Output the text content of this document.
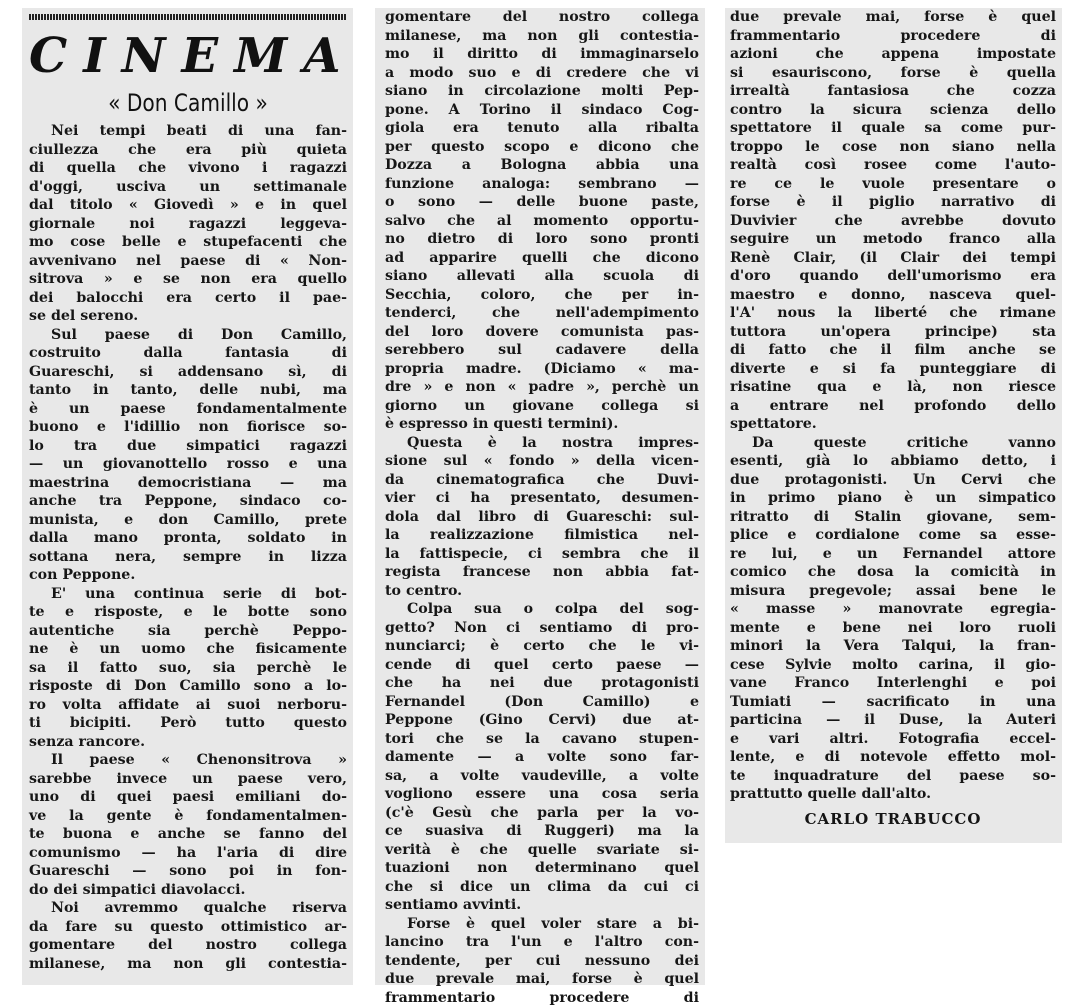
CINEMA
« Don Camillo »
Nei tempi beati di una fan-
ciullezza che era più quieta
di quella che vivono i ragazzi
d'oggi, usciva un settimanale
dal titolo « Giovedì » e in quel
giornale noi ragazzi leggeva-
mo cose belle e stupefacenti che
avvenivano nel paese di « Non-
sitrova » e se non era quello
dei balocchi era certo il pae-
se del sereno.
Sul paese di Don Camillo,
costruito dalla fantasia di
Guareschi, si addensano sì, di
tanto in tanto, delle nubi, ma
è un paese fondamentalmente
buono e l'idillio non fiorisce so-
lo tra due simpatici ragazzi
— un giovanottello rosso e una
maestrina democristiana — ma
anche tra Peppone, sindaco co-
munista, e don Camillo, prete
dalla mano pronta, soldato in
sottana nera, sempre in lizza
con Peppone.
E' una continua serie di bot-
te e risposte, e le botte sono
autentiche sia perchè Peppo-
ne è un uomo che fisicamente
sa il fatto suo, sia perchè le
risposte di Don Camillo sono a lo-
ro volta affidate ai suoi nerboru-
ti bicipiti. Però tutto questo
senza rancore.
Il paese « Chenonsitrova »
sarebbe invece un paese vero,
uno di quei paesi emiliani do-
ve la gente è fondamentalmen-
te buona e anche se fanno del
comunismo — ha l'aria di dire
Guareschi — sono poi in fon-
do dei simpatici diavolacci.
Noi avremmo qualche riserva
da fare su questo ottimistico ar-
gomentare del nostro collega
milanese, ma non gli contestia-
gomentare del nostro collega
milanese, ma non gli contestia-
mo il diritto di immaginarselo
a modo suo e di credere che vi
siano in circolazione molti Pep-
pone. A Torino il sindaco Cog-
giola era tenuto alla ribalta
per questo scopo e dicono che
Dozza a Bologna abbia una
funzione analoga: sembrano —
o sono — delle buone paste,
salvo che al momento opportu-
no dietro di loro sono pronti
ad apparire quelli che dicono
siano allevati alla scuola di
Secchia, coloro, che per in-
tenderci, che nell'adempimento
del loro dovere comunista pas-
serebbero sul cadavere della
propria madre. (Diciamo « ma-
dre » e non « padre », perchè un
giorno un giovane collega si
è espresso in questi termini).
Questa è la nostra impres-
sione sul « fondo » della vicen-
da cinematografica che Duvi-
vier ci ha presentato, desumen-
dola dal libro di Guareschi: sul-
la realizzazione filmistica nel-
la fattispecie, ci sembra che il
regista francese non abbia fat-
to centro.
Colpa sua o colpa del sog-
getto? Non ci sentiamo di pro-
nunciarci; è certo che le vi-
cende di quel certo paese —
che ha nei due protagonisti
Fernandel (Don Camillo) e
Peppone (Gino Cervi) due at-
tori che se la cavano stupen-
damente — a volte sono far-
sa, a volte vaudeville, a volte
vogliono essere una cosa seria
(c'è Gesù che parla per la vo-
ce suasiva di Ruggeri) ma la
verità è che quelle svariate si-
tuazioni non determinano quel
che si dice un clima da cui ci
sentiamo avvinti.
Forse è quel voler stare a bi-
lancino tra l'un e l'altro con-
tendente, per cui nessuno dei
due prevale mai, forse è quel
frammentario procedere di
due prevale mai, forse è quel
frammentario procedere di
azioni che appena impostate
si esauriscono, forse è quella
irrealtà fantasiosa che cozza
contro la sicura scienza dello
spettatore il quale sa come pur-
troppo le cose non siano nella
realtà così rosee come l'auto-
re ce le vuole presentare o
forse è il piglio narrativo di
Duvivier che avrebbe dovuto
seguire un metodo franco alla
Renè Clair, (il Clair dei tempi
d'oro quando dell'umorismo era
maestro e donno, nasceva quel-
l'A' nous la liberté che rimane
tuttora un'opera principe) sta
di fatto che il film anche se
diverte e si fa punteggiare di
risatine qua e là, non riesce
a entrare nel profondo dello
spettatore.
Da queste critiche vanno
esenti, già lo abbiamo detto, i
due protagonisti. Un Cervi che
in primo piano è un simpatico
ritratto di Stalin giovane, sem-
plice e cordialone come sa esse-
re lui, e un Fernandel attore
comico che dosa la comicità in
misura pregevole; assai bene le
« masse » manovrate egregia-
mente e bene nei loro ruoli
minori la Vera Talqui, la fran-
cese Sylvie molto carina, il gio-
vane Franco Interlenghi e poi
Tumiati — sacrificato in una
particina — il Duse, la Auteri
e vari altri. Fotografia eccel-
lente, e di notevole effetto mol-
te inquadrature del paese so-
prattutto quelle dall'alto.
CARLO TRABUCCO
